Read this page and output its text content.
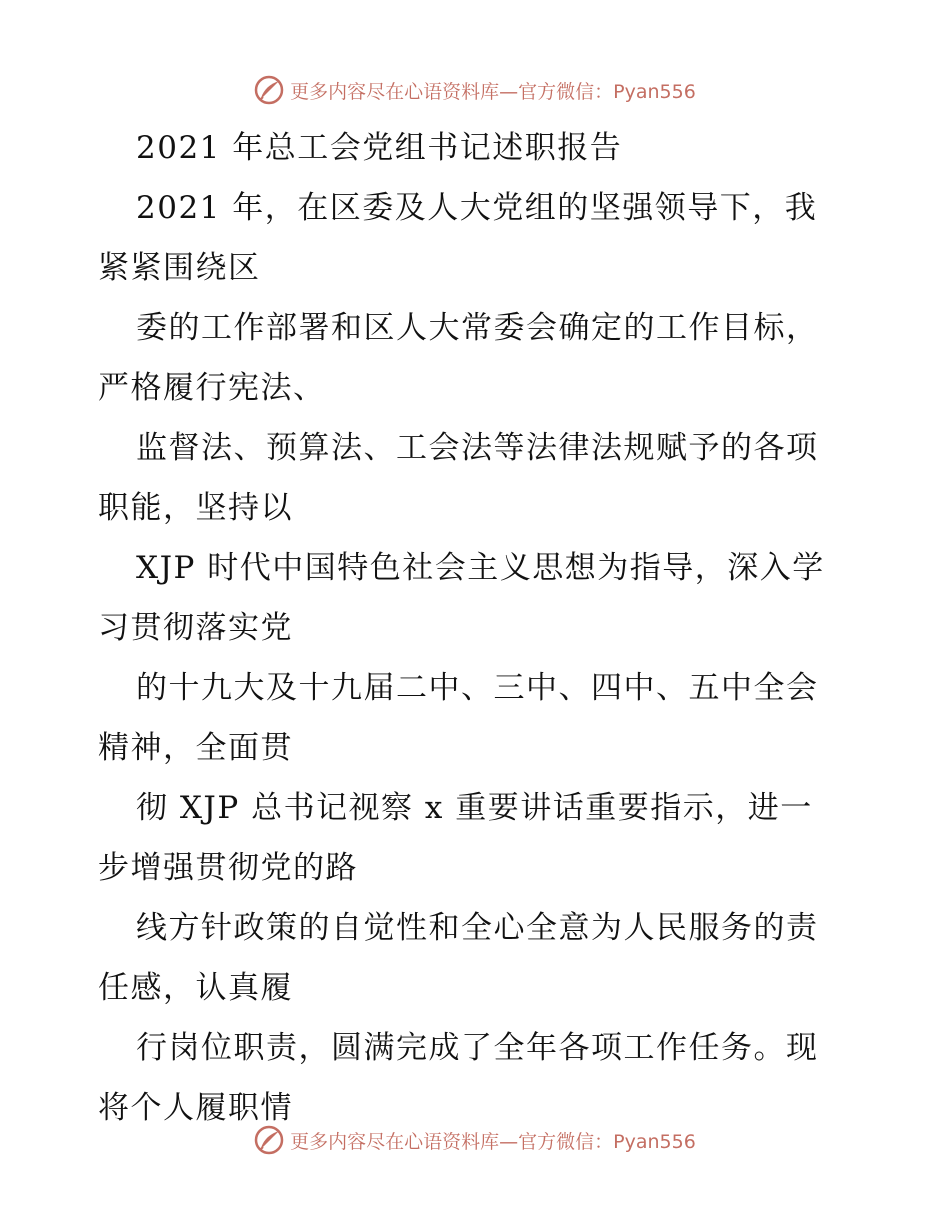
更多内容尽在心语资料库—官方微信：Pyan556
2021 年总工会党组书记述职报告
2021 年，在区委及人大党组的坚强领导下，我
紧紧围绕区
委的工作部署和区人大常委会确定的工作目标，
严格履行宪法、
监督法、预算法、工会法等法律法规赋予的各项
职能，坚持以
XJP 时代中国特色社会主义思想为指导，深入学
习贯彻落实党
的十九大及十九届二中、三中、四中、五中全会
精神，全面贯
彻 XJP 总书记视察 x 重要讲话重要指示，进一
步增强贯彻党的路
线方针政策的自觉性和全心全意为人民服务的责
任感，认真履
行岗位职责，圆满完成了全年各项工作任务。现
将个人履职情
更多内容尽在心语资料库—官方微信：Pyan556
